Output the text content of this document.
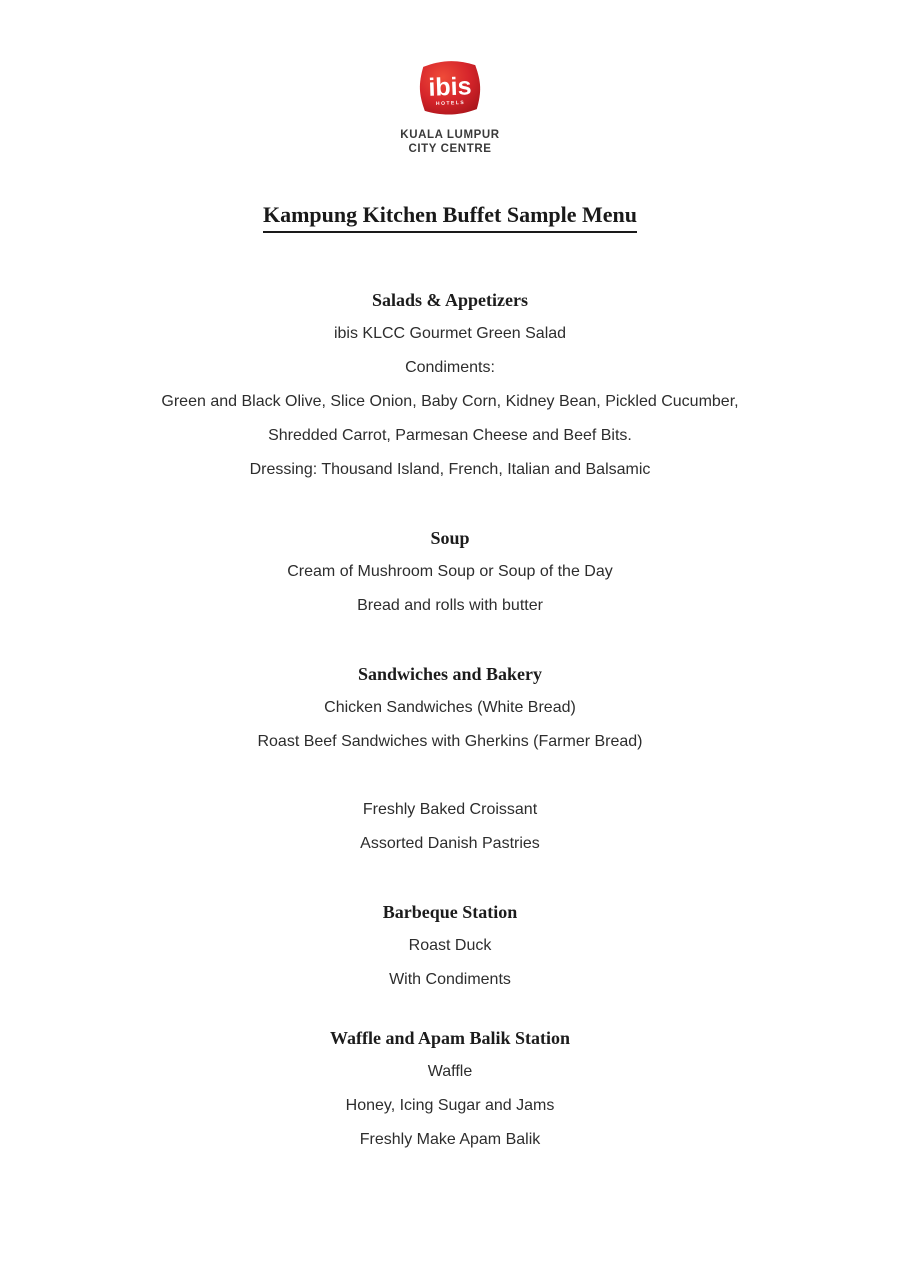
ibis
HOTELS
KUALA LUMPUR
CITY CENTRE
Kampung Kitchen Buffet Sample Menu
Salads & Appetizers
ibis KLCC Gourmet Green Salad
Condiments:
Green and Black Olive, Slice Onion, Baby Corn, Kidney Bean, Pickled Cucumber,
Shredded Carrot, Parmesan Cheese and Beef Bits.
Dressing: Thousand Island, French, Italian and Balsamic
Soup
Cream of Mushroom Soup or Soup of the Day
Bread and rolls with butter
Sandwiches and Bakery
Chicken Sandwiches (White Bread)
Roast Beef Sandwiches with Gherkins (Farmer Bread)
Freshly Baked Croissant
Assorted Danish Pastries
Barbeque Station
Roast Duck
With Condiments
Waffle and Apam Balik Station
Waffle
Honey, Icing Sugar and Jams
Freshly Make Apam Balik
